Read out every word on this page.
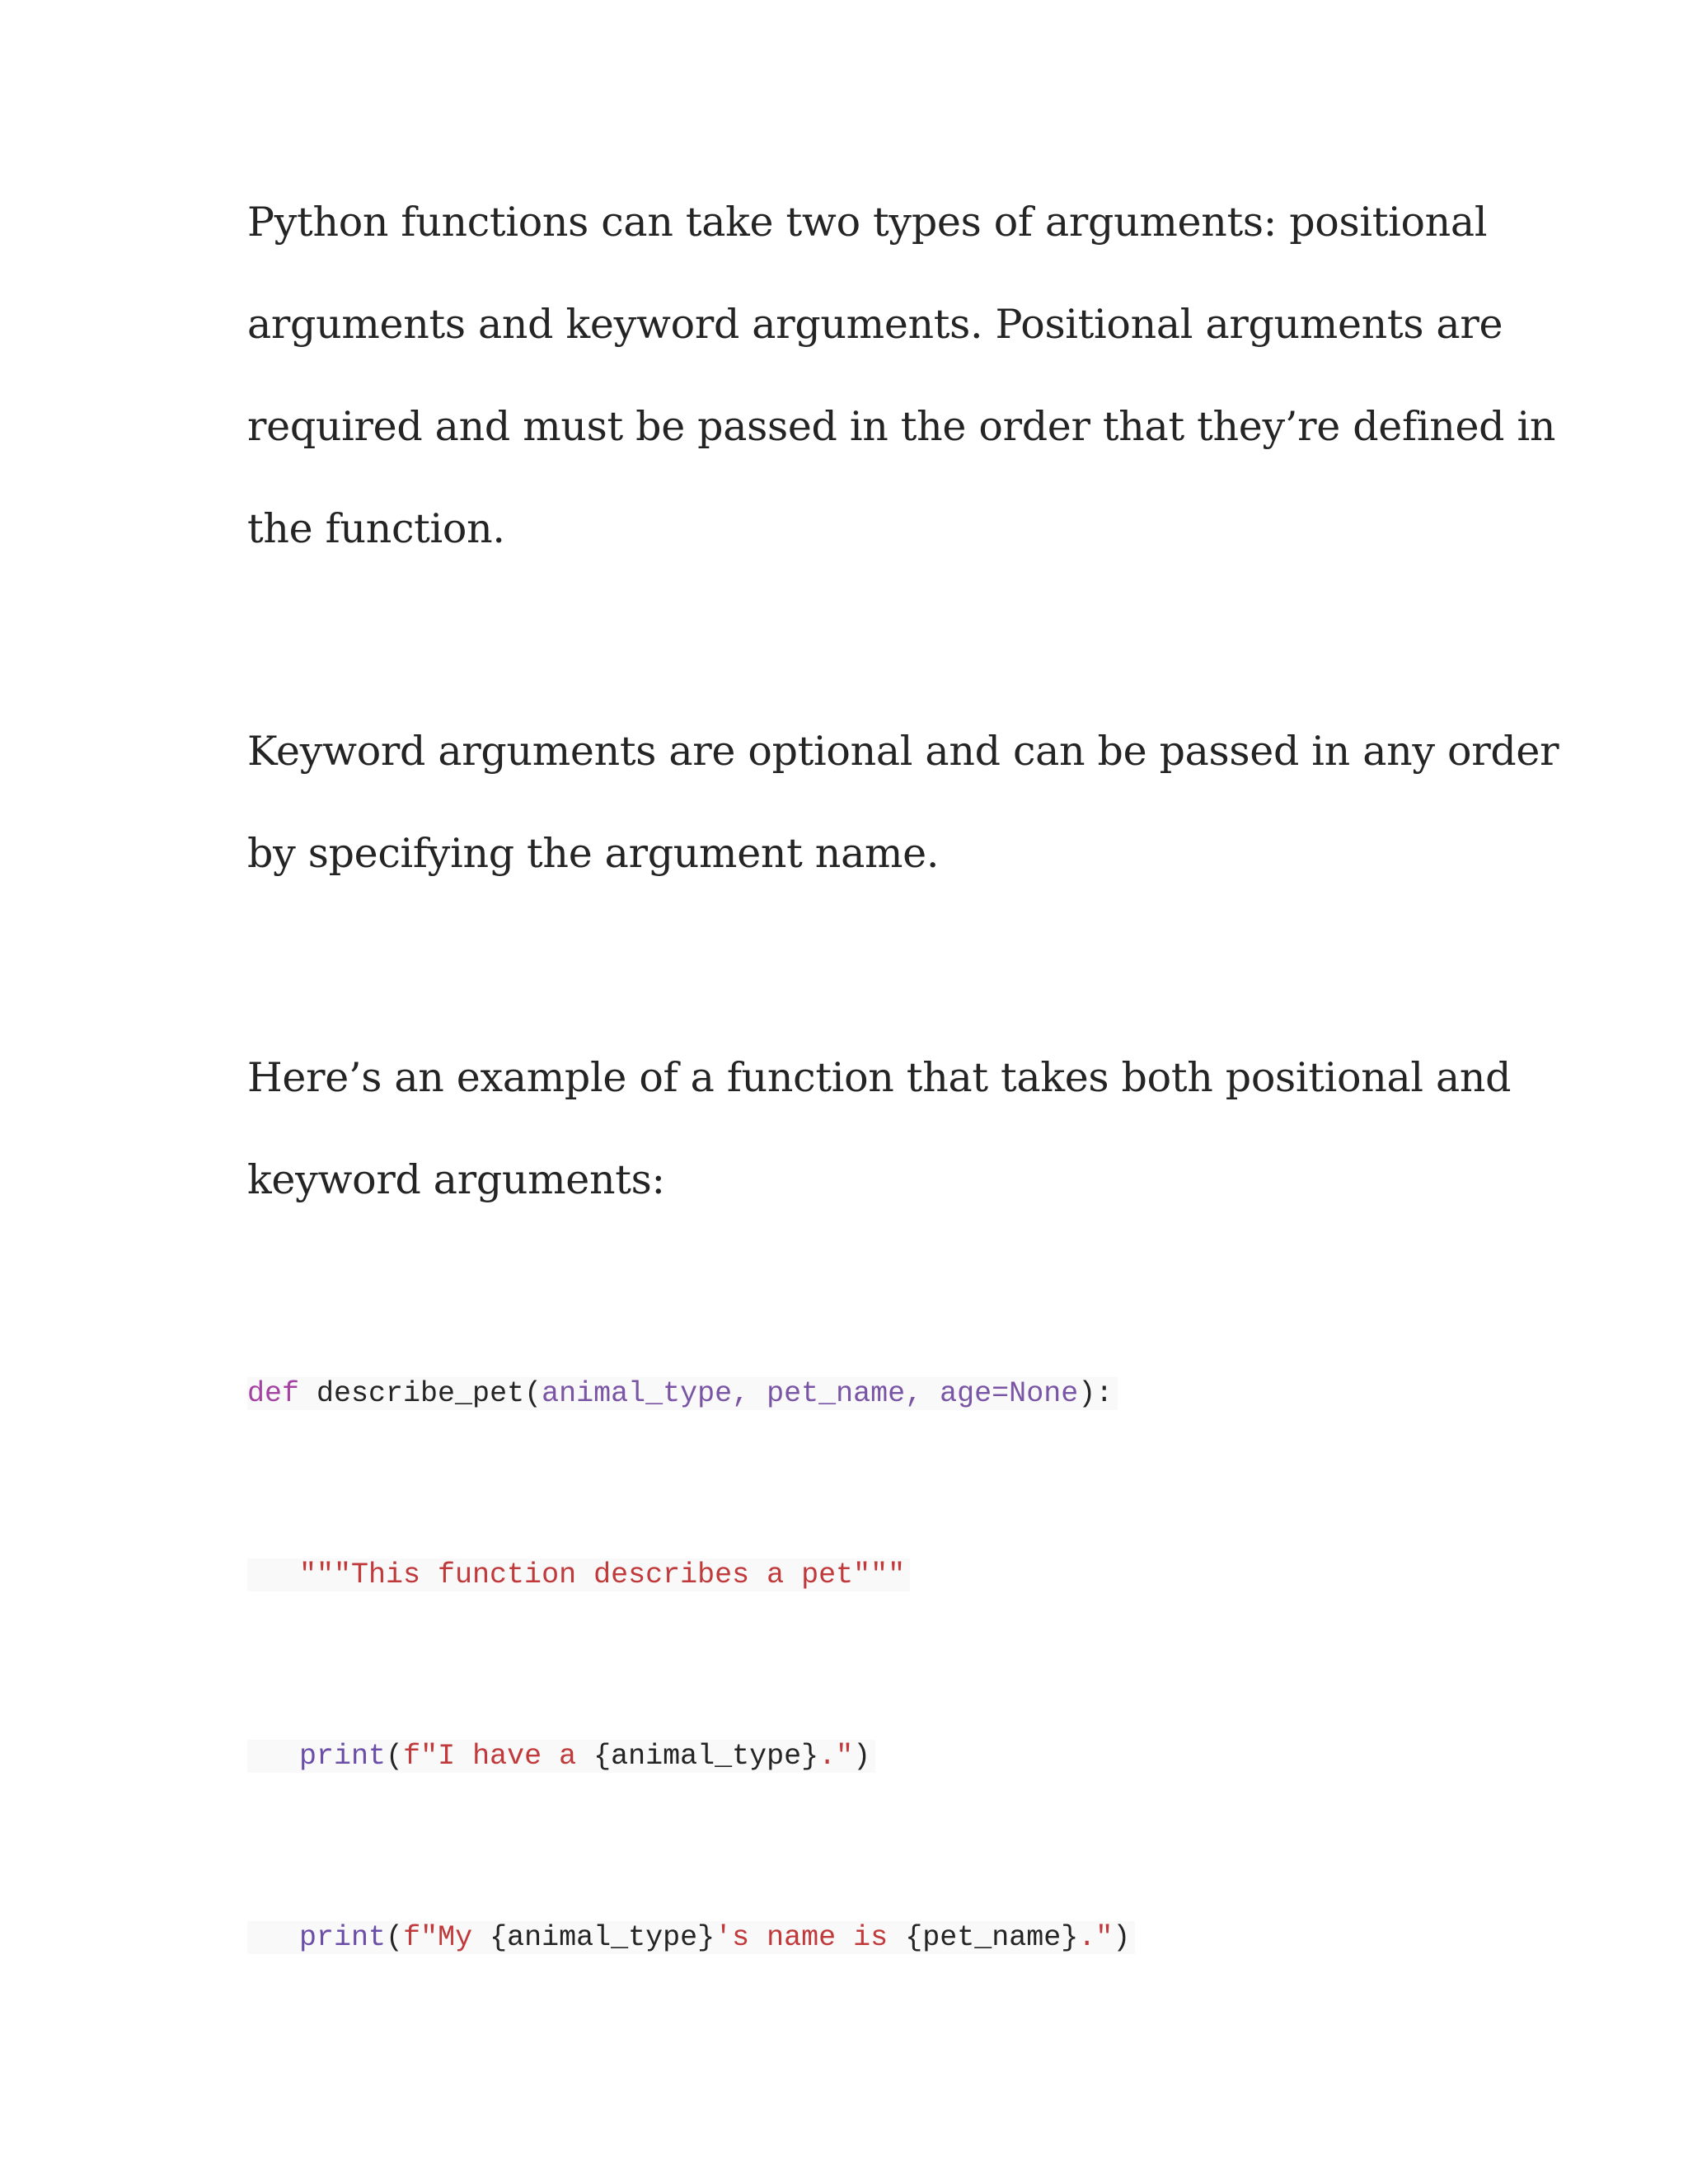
Python functions can take two types of arguments: positional
arguments and keyword arguments. Positional arguments are
required and must be passed in the order that they’re defined in
the function.

Keyword arguments are optional and can be passed in any order
by specifying the argument name.

Here’s an example of a function that takes both positional and
keyword arguments:

def describe_pet(animal_type, pet_name, age=None):
"""This function describes a pet"""
print(f"I have a {animal_type}.")
print(f"My {animal_type}'s name is {pet_name}.")
